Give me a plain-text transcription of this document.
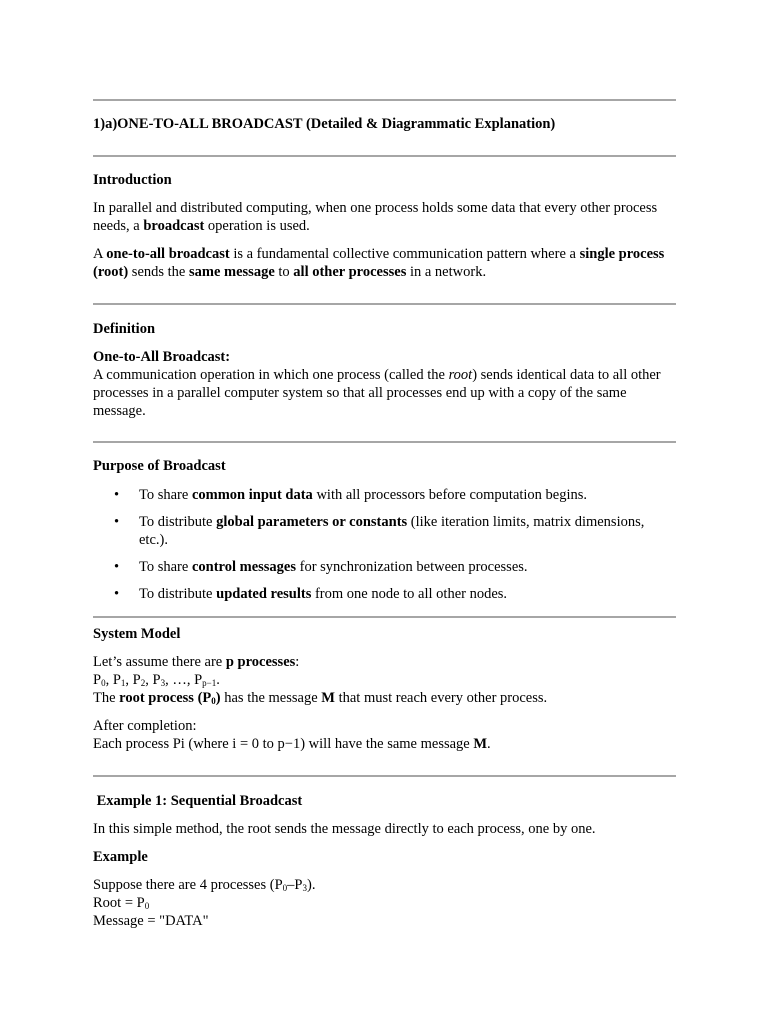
1)a)ONE-TO-ALL BROADCAST (Detailed & Diagrammatic Explanation)

Introduction

In parallel and distributed computing, when one process holds some data that every other process needs, a broadcast operation is used.

A one-to-all broadcast is a fundamental collective communication pattern where a single process (root) sends the same message to all other processes in a network.

Definition

One-to-All Broadcast:
A communication operation in which one process (called the root) sends identical data to all other processes in a parallel computer system so that all processes end up with a copy of the same message.

Purpose of Broadcast
• To share common input data with all processors before computation begins.
• To distribute global parameters or constants (like iteration limits, matrix dimensions, etc.).
• To share control messages for synchronization between processes.
• To distribute updated results from one node to all other nodes.
System Model

Let’s assume there are p processes:
$P_0$, $P_1$, $P_2$, $P_3$, …, $P_{p-1}$.
The root process $(P_0)$ has the message M that must reach every other process.

After completion:
Each process Pi (where i = 0 to p−1) will have the same message M.

Example 1: Sequential Broadcast

In this simple method, the root sends the message directly to each process, one by one.

Example

Suppose there are 4 processes $(P_0-P_3)$.
Root = $P_0$
Message = "DATA"
